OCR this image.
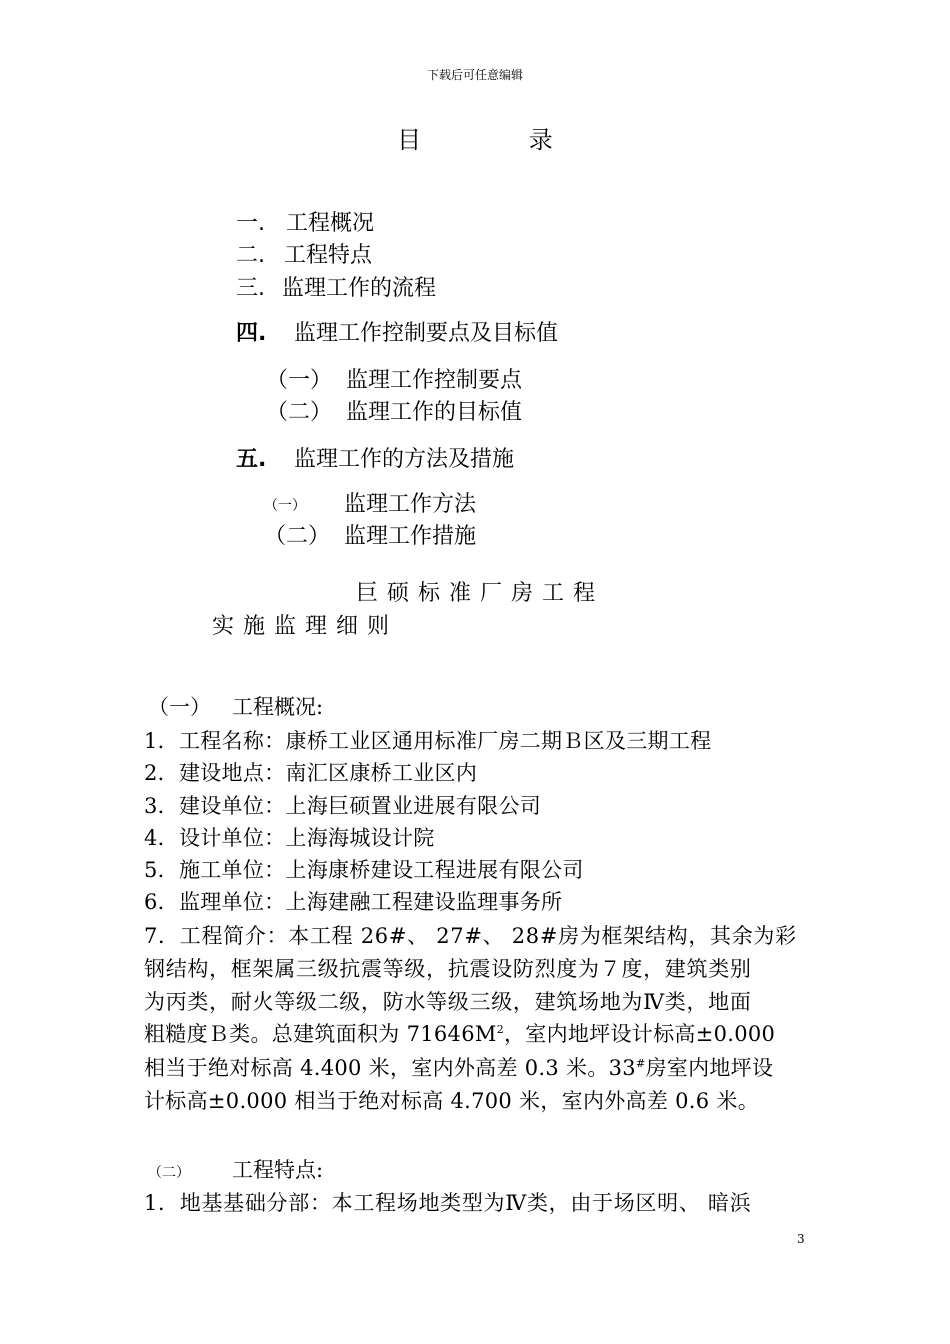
下载后可任意编辑
目 录
一. 工程概况
二. 工程特点
三. 监理工作的流程
四. 监理工作控制要点及目标值
（一） 监理工作控制要点
（二） 监理工作的目标值
五. 监理工作的方法及措施
（一） 监理工作方法
（二） 监理工作措施
巨硕标准厂房工程
实施监理细则
（一） 工程概况:
1．工程名称：康桥工业区通用标准厂房二期Ｂ区及三期工程
2．建设地点：南汇区康桥工业区内
3．建设单位：上海巨硕置业进展有限公司
4．设计单位：上海海城设计院
5．施工单位：上海康桥建设工程进展有限公司
6．监理单位：上海建融工程建设监理事务所
7．工程简介：本工程 26#、 27#、 28#房为框架结构，其余为彩
钢结构，框架属三级抗震等级，抗震设防烈度为７度，建筑类别
为丙类，耐火等级二级，防水等级三级，建筑场地为Ⅳ类，地面
粗糙度Ｂ类。总建筑面积为 $71646M^2$，室内地坪设计标高±0.000
相当于绝对标高 4.400 米，室内外高差 0.3 米。33#房室内地坪设
计标高±0.000 相当于绝对标高 4.700 米，室内外高差 0.6 米。
（二） 工程特点:
1．地基基础分部：本工程场地类型为Ⅳ类，由于场区明、 暗浜
3
